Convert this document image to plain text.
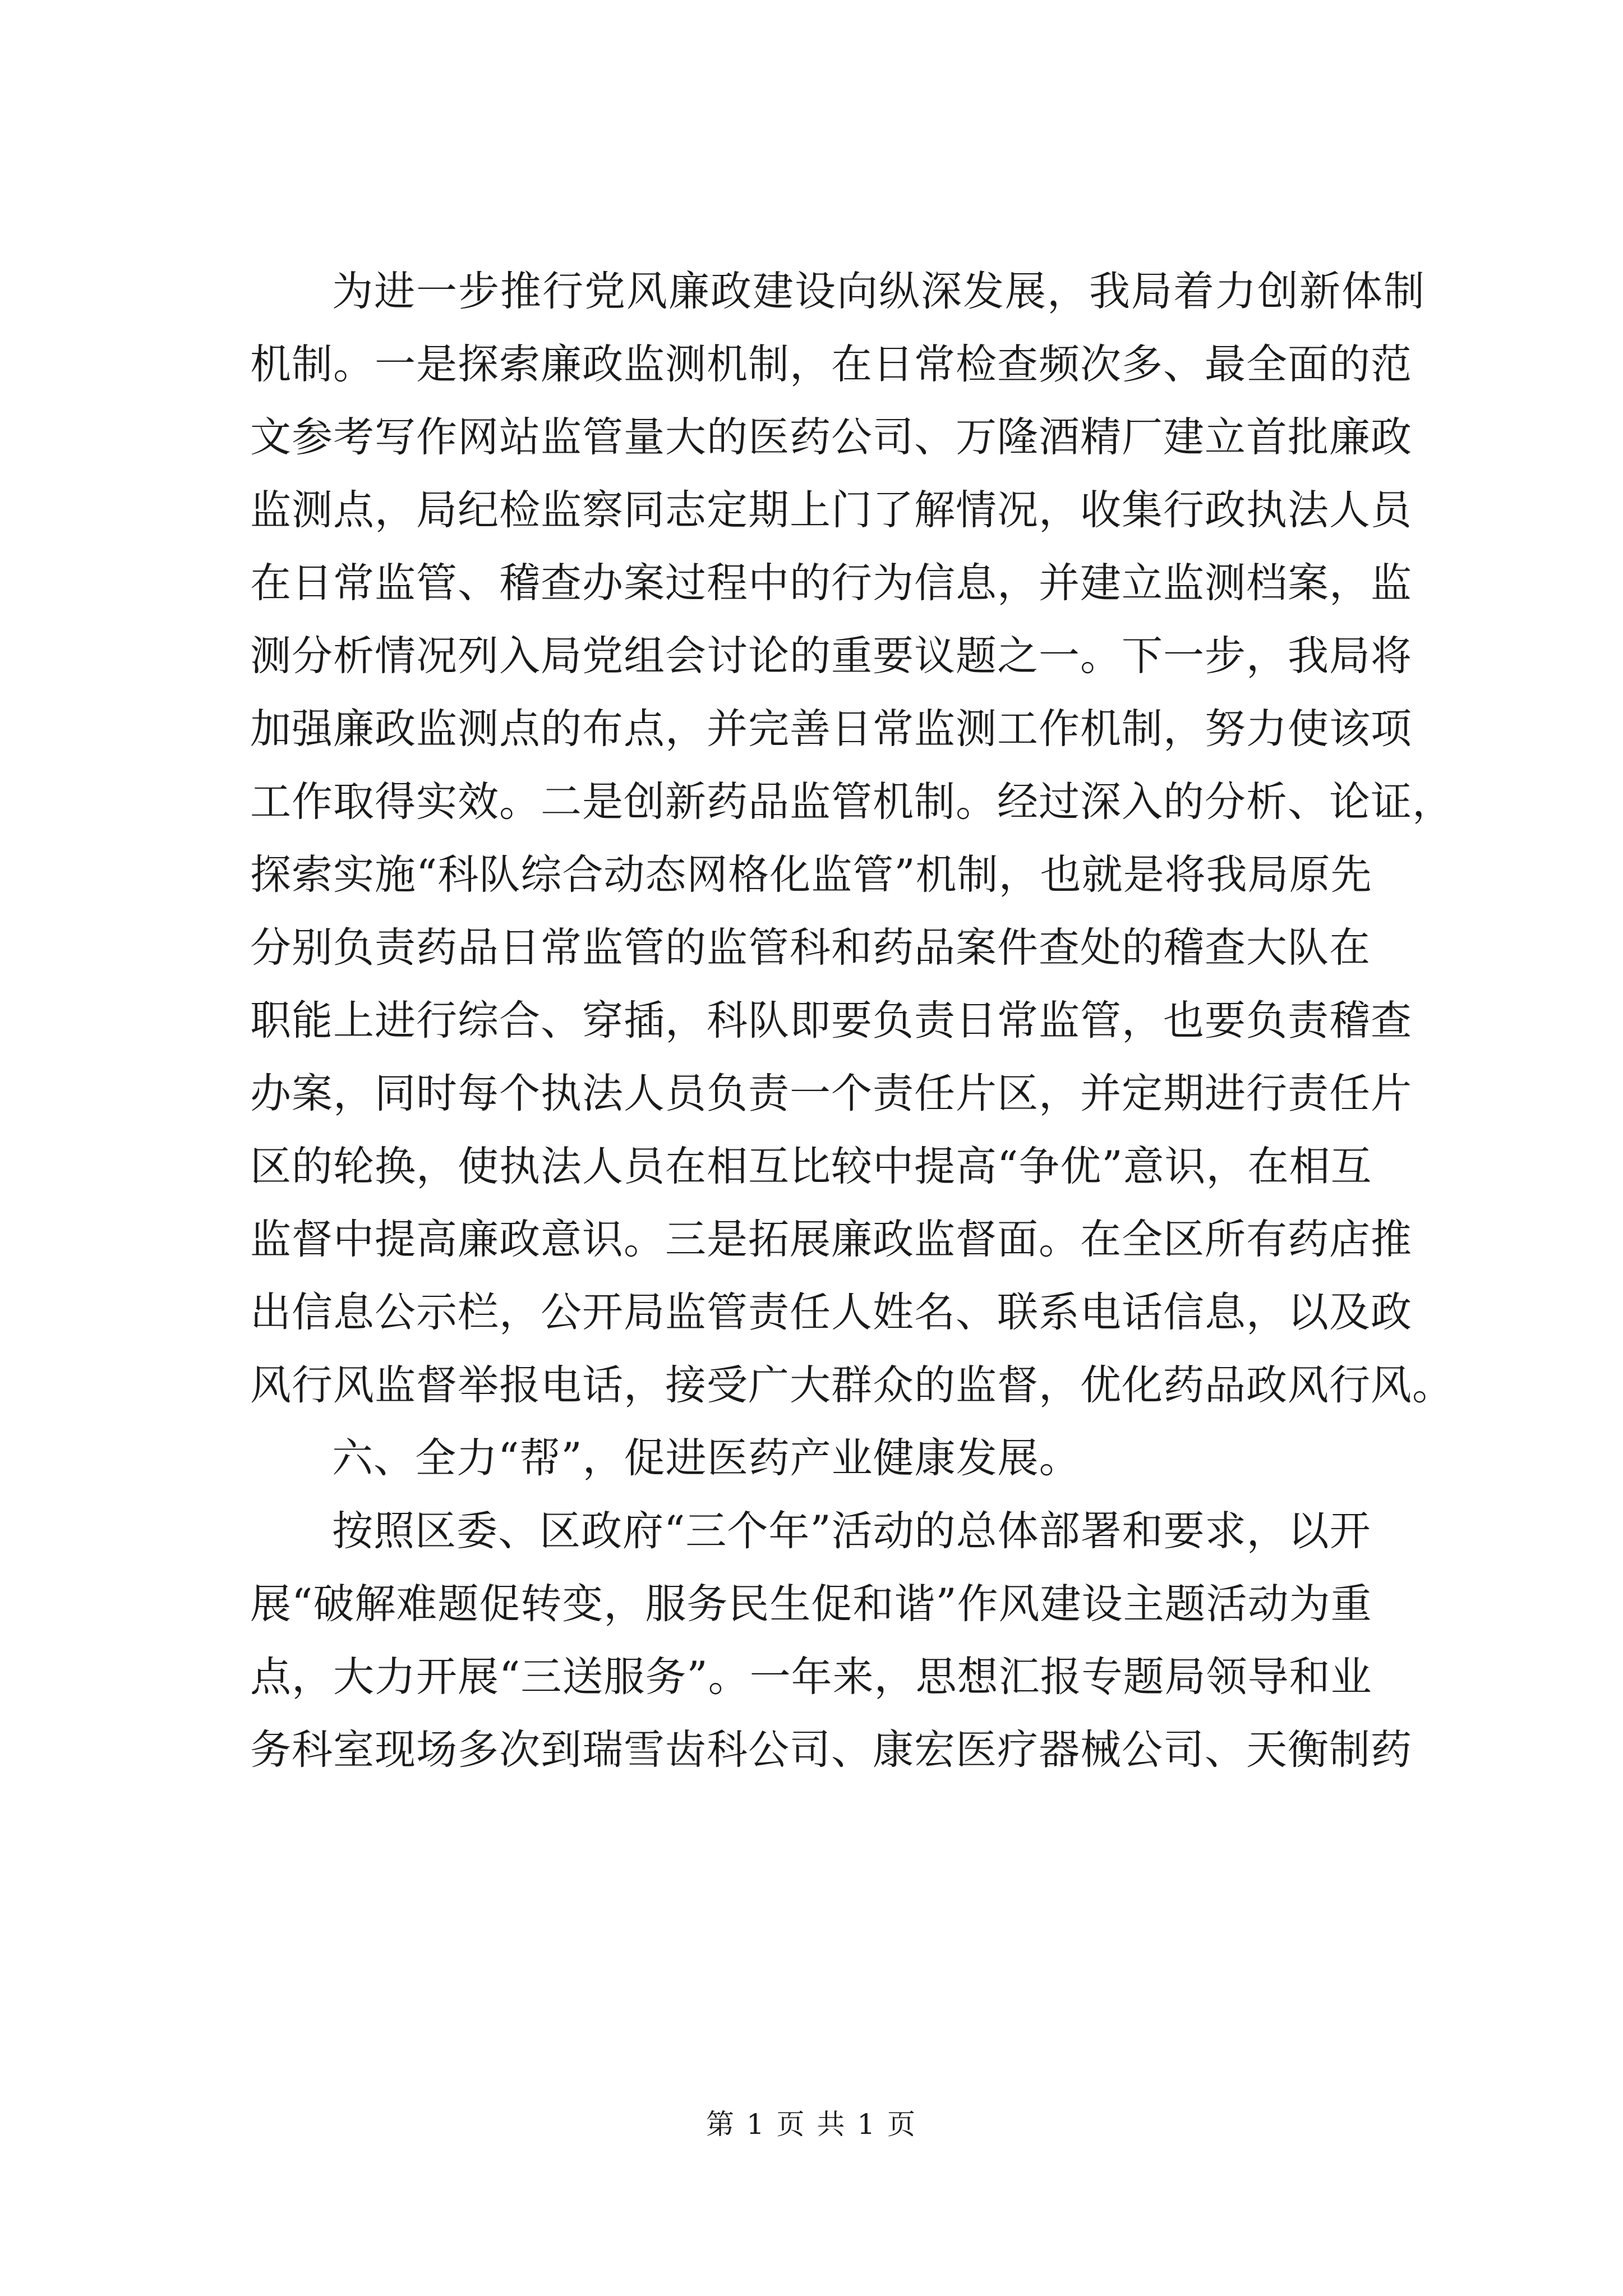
为进一步推行党风廉政建设向纵深发展，我局着力创新体制
机制。一是探索廉政监测机制，在日常检查频次多、最全面的范
文参考写作网站监管量大的医药公司、万隆酒精厂建立首批廉政
监测点，局纪检监察同志定期上门了解情况，收集行政执法人员
在日常监管、稽查办案过程中的行为信息，并建立监测档案，监
测分析情况列入局党组会讨论的重要议题之一。下一步，我局将
加强廉政监测点的布点，并完善日常监测工作机制，努力使该项
工作取得实效。二是创新药品监管机制。经过深入的分析、论证，
探索实施“科队综合动态网格化监管”机制，也就是将我局原先
分别负责药品日常监管的监管科和药品案件查处的稽查大队在
职能上进行综合、穿插，科队即要负责日常监管，也要负责稽查
办案，同时每个执法人员负责一个责任片区，并定期进行责任片
区的轮换，使执法人员在相互比较中提高“争优”意识，在相互
监督中提高廉政意识。三是拓展廉政监督面。在全区所有药店推
出信息公示栏，公开局监管责任人姓名、联系电话信息，以及政
风行风监督举报电话，接受广大群众的监督，优化药品政风行风。
六、全力“帮”，促进医药产业健康发展。
按照区委、区政府“三个年”活动的总体部署和要求，以开
展“破解难题促转变，服务民生促和谐”作风建设主题活动为重
点，大力开展“三送服务”。一年来，思想汇报专题局领导和业
务科室现场多次到瑞雪齿科公司、康宏医疗器械公司、天衡制药
第 1 页 共 1 页
